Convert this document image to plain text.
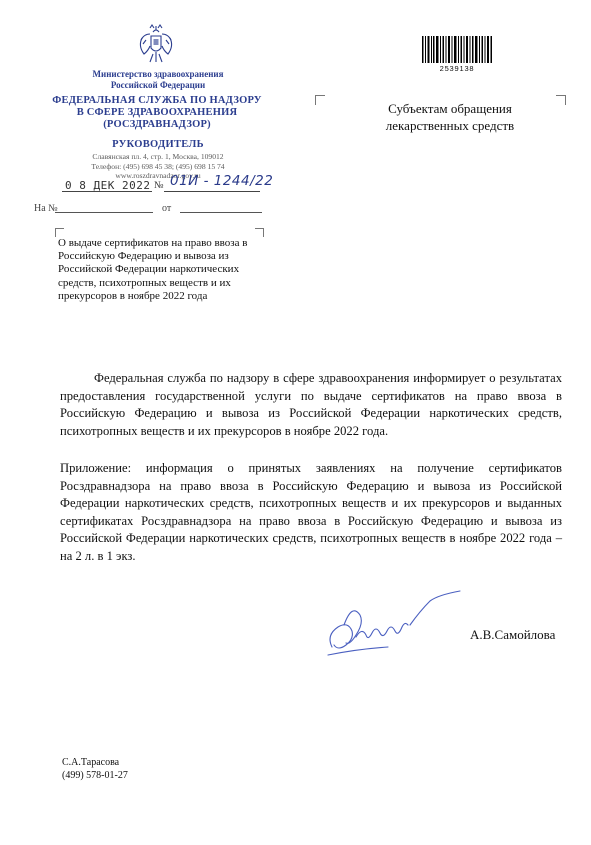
Министерство здравоохранения
Российской Федерации
ФЕДЕРАЛЬНАЯ СЛУЖБА ПО НАДЗОРУ
В СФЕРЕ ЗДРАВООХРАНЕНИЯ
(РОСЗДРАВНАДЗОР)
РУКОВОДИТЕЛЬ
Славянская пл. 4, стр. 1, Москва, 109012
Телефон: (495) 698 45 38; (495) 698 15 74
www.roszdravnadzor.gov.ru
0 8 ДЕК 2022 № 01И - 1244/22
На №	от
О выдаче сертификатов на право ввоза в Российскую Федерацию и вывоза из Российской Федерации наркотических средств, психотропных веществ и их прекурсоров в ноябре 2022 года
2539138
Субъектам обращения
лекарственных средств
Федеральная служба по надзору в сфере здравоохранения информирует о результатах предоставления государственной услуги по выдаче сертификатов на право ввоза в Российскую Федерацию и вывоза из Российской Федерации наркотических средств, психотропных веществ и их прекурсоров в ноябре 2022 года.
Приложение: информация о принятых заявлениях на получение сертификатов Росздравнадзора на право ввоза в Российскую Федерацию и вывоза из Российской Федерации наркотических средств, психотропных веществ и их прекурсоров и выданных сертификатах Росздравнадзора на право ввоза в Российскую Федерацию и вывоза из Российской Федерации наркотических средств, психотропных веществ в ноябре 2022 года – на 2 л. в 1 экз.
А.В.Самойлова
С.А.Тарасова
(499) 578-01-27
